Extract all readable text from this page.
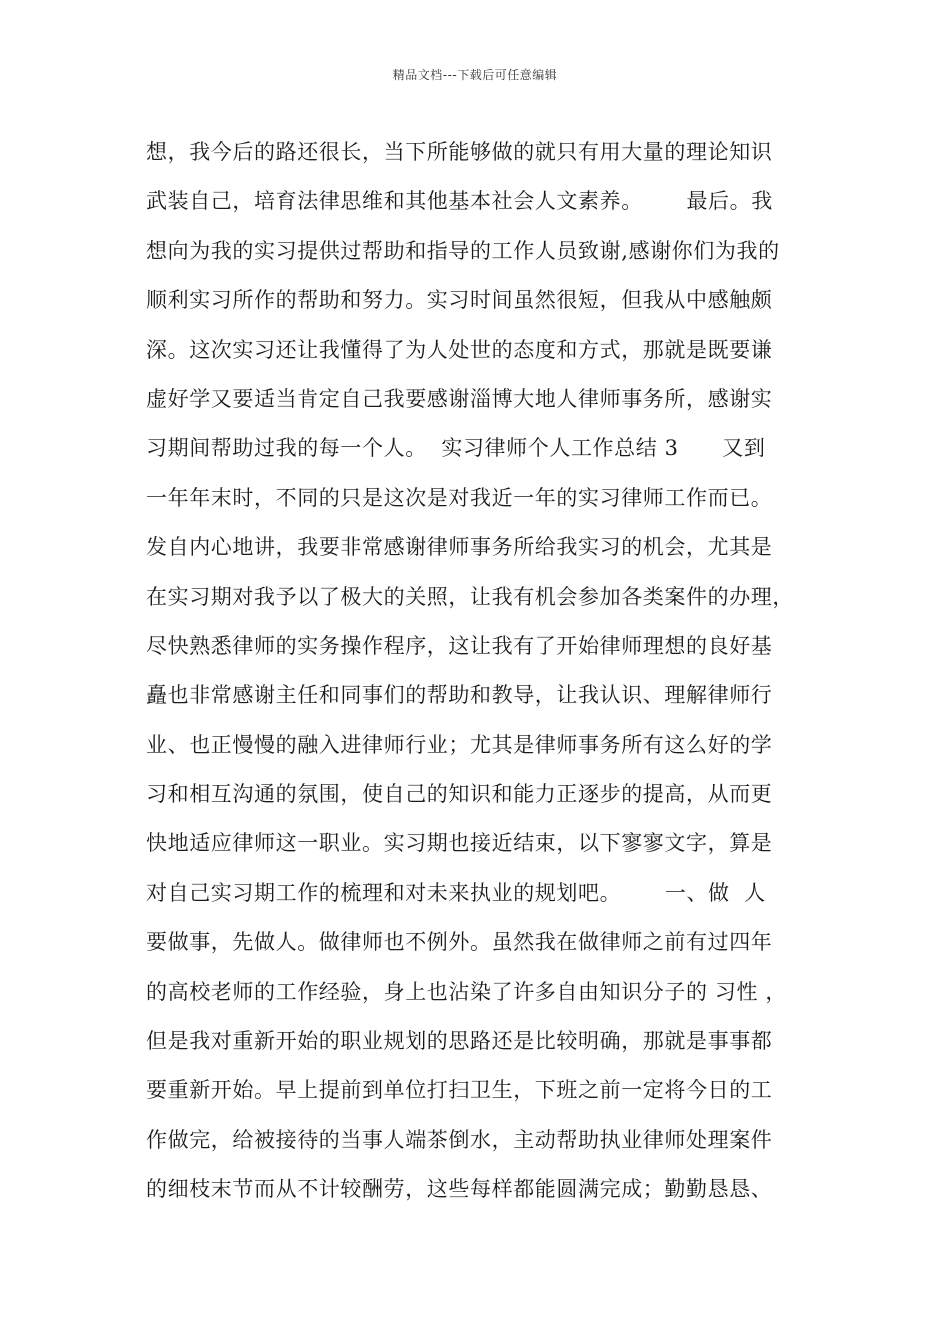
精品文档---下载后可任意编辑
想，我今后的路还很长，当下所能够做的就只有用大量的理论知识
武装自己，培育法律思维和其他基本社会人文素养。      最后。我
想向为我的实习提供过帮助和指导的工作人员致谢,感谢你们为我的
顺利实习所作的帮助和努力。实习时间虽然很短，但我从中感触颇
深。这次实习还让我懂得了为人处世的态度和方式，那就是既要谦
虚好学又要适当肯定自己我要感谢淄博大地人律师事务所，感谢实
习期间帮助过我的每一个人。  实习律师个人工作总结 3      又到
一年年末时，不同的只是这次是对我近一年的实习律师工作而已。
发自内心地讲，我要非常感谢律师事务所给我实习的机会，尤其是
在实习期对我予以了极大的关照，让我有机会参加各类案件的办理，
尽快熟悉律师的实务操作程序，这让我有了开始律师理想的良好基
矗也非常感谢主任和同事们的帮助和教导，让我认识、理解律师行
业、也正慢慢的融入进律师行业；尤其是律师事务所有这么好的学
习和相互沟通的氛围，使自己的知识和能力正逐步的提高，从而更
快地适应律师这一职业。实习期也接近结束，以下寥寥文字，算是
对自己实习期工作的梳理和对未来执业的规划吧。      一、做  人
要做事，先做人。做律师也不例外。虽然我在做律师之前有过四年
的高校老师的工作经验，身上也沾染了许多自由知识分子的 习性 ，
但是我对重新开始的职业规划的思路还是比较明确，那就是事事都
要重新开始。早上提前到单位打扫卫生，下班之前一定将今日的工
作做完，给被接待的当事人端茶倒水，主动帮助执业律师处理案件
的细枝末节而从不计较酬劳，这些每样都能圆满完成；勤勤恳恳、
